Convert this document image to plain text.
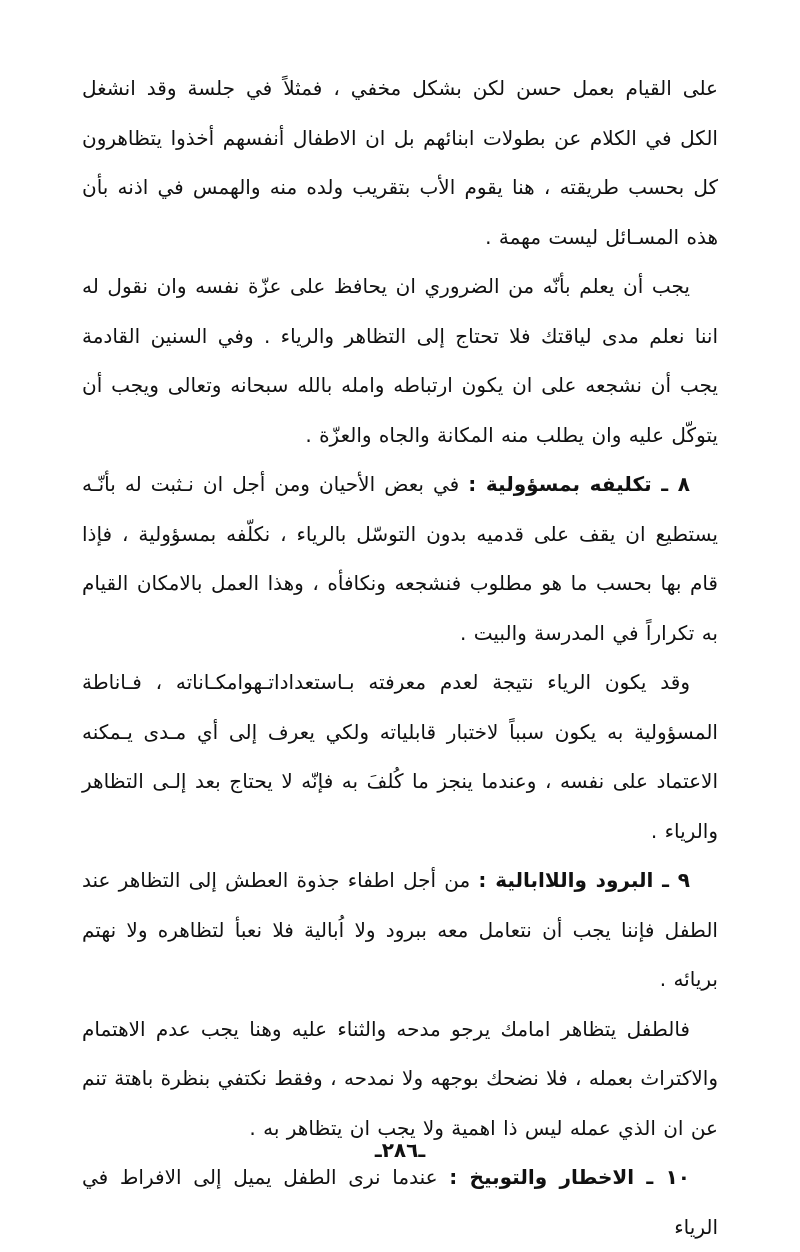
على القيام بعمل حسن لكن بشكل مخفي ، فمثلاً في جلسة وقد انشغل الكل في الكلام عن بطولات ابنائهم بل ان الاطفال أنفسهم أخذوا يتظاهرون كل بحسب طريقته ، هنا يقوم الأب بتقريب ولده منه والهمس في اذنه بأن هذه المسـائل ليست مهمة .

يجب أن يعلم بأنّه من الضروري ان يحافظ على عزّة نفسه وان نقول له اننا نعلم مدى لياقتك فلا تحتاج إلى التظاهر والرياء . وفي السنين القادمة يجب أن نشجعه على ان يكون ارتباطه وامله بالله سبحانه وتعالى ويجب أن يتوكّل عليه وان يطلب منه المكانة والجاه والعزّة .

٨ ـ تكليفه بمسؤولية : في بعض الأحيان ومن أجل ان نـثبت له بأنّـه يستطيع ان يقف على قدميه بدون التوسّل بالرياء ، نكلّفه بمسؤولية ، فإذا قام بها بحسب ما هو مطلوب فنشجعه ونكافأه ، وهذا العمل بالامكان القيام به تكراراً في المدرسة والبيت .

وقد يكون الرياء نتيجة لعدم معرفته بـاستعداداتـهوامكـاناته ، فـاناطة المسؤولية به يكون سبباً لاختبار قابلياته ولكي يعرف إلى أي مـدى يـمكنه الاعتماد على نفسه ، وعندما ينجز ما كُلفَ به فإنّه لا يحتاج بعد إلـى التظاهر والرياء .

٩ ـ البرود واللاابالية : من أجل اطفاء جذوة العطش إلى التظاهر عند الطفل فإننا يجب أن نتعامل معه ببرود ولا اُبالية فلا نعبأ لتظاهره ولا نهتم بريائه .

فالطفل يتظاهر امامك يرجو مدحه والثناء عليه وهنا يجب عدم الاهتمام والاكتراث بعمله ، فلا نضحك بوجهه ولا نمدحه ، وفقط نكتفي بنظرة باهتة تنم عن ان الذي عمله ليس ذا اهمية ولا يجب ان يتظاهر به .

١٠ ـ الاخطار والتوبيخ : عندما نرى الطفل يميل إلى الافراط في الرياء

ـ٢٨٦ـ
